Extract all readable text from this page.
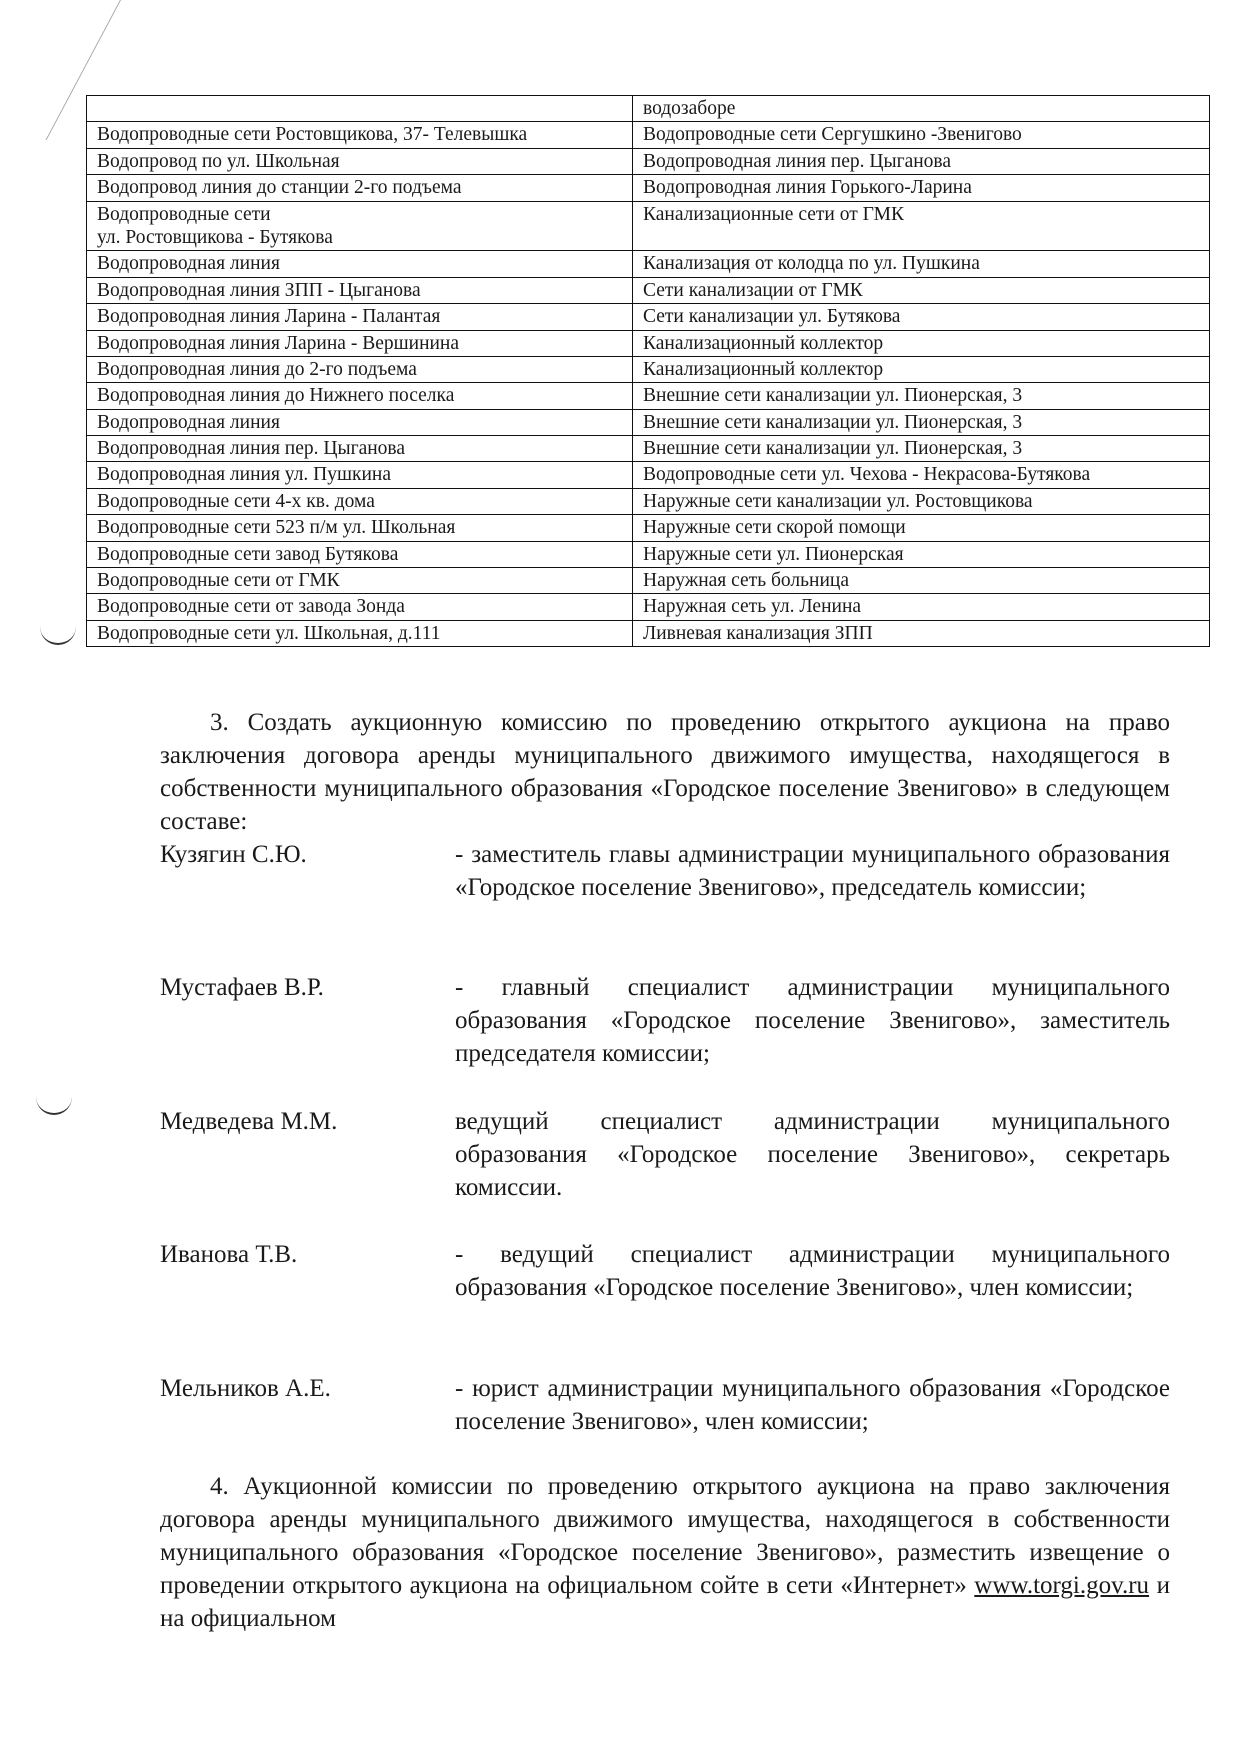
	водозаборе
Водопроводные сети Ростовщикова, 37- Телевышка	Водопроводные сети Сергушкино -Звенигово
Водопровод по ул. Школьная	Водопроводная линия пер. Цыганова
Водопровод линия до станции 2-го подъема	Водопроводная линия Горького-Ларина
Водопроводные сети
ул. Ростовщикова - Бутякова	Канализационные сети от ГМК
Водопроводная линия	Канализация от колодца по ул. Пушкина
Водопроводная линия ЗПП - Цыганова	Сети канализации от ГМК
Водопроводная линия Ларина - Палантая	Сети канализации ул. Бутякова
Водопроводная линия Ларина - Вершинина	Канализационный коллектор
Водопроводная линия до 2-го подъема	Канализационный коллектор
Водопроводная линия до Нижнего поселка	Внешние сети канализации ул. Пионерская, 3
Водопроводная линия	Внешние сети канализации ул. Пионерская, 3
Водопроводная линия пер. Цыганова	Внешние сети канализации ул. Пионерская, 3
Водопроводная линия ул. Пушкина	Водопроводные сети ул. Чехова - Некрасова-Бутякова
Водопроводные сети 4-х кв. дома	Наружные сети канализации ул. Ростовщикова
Водопроводные сети 523 п/м ул. Школьная	Наружные сети скорой помощи
Водопроводные сети завод Бутякова	Наружные сети ул. Пионерская
Водопроводные сети от ГМК	Наружная сеть больница
Водопроводные сети от завода Зонда	Наружная сеть ул. Ленина
Водопроводные сети ул. Школьная, д.111	Ливневая канализация ЗПП
3. Создать аукционную комиссию по проведению открытого аукциона на право заключения договора аренды муниципального движимого имущества, находящегося в собственности муниципального образования «Городское поселение Звенигово» в следующем составе:
Кузягин С.Ю.	- заместитель главы администрации муниципального образования «Городское поселение Звенигово», председатель комиссии;
Мустафаев В.Р.	- главный специалист администрации муниципального образования «Городское поселение Звенигово», заместитель председателя комиссии;
Медведева М.М.	ведущий специалист администрации муниципального образования «Городское поселение Звенигово», секретарь комиссии.
Иванова Т.В.	- ведущий специалист администрации муниципального образования «Городское поселение Звенигово», член комиссии;
Мельников А.Е.	- юрист администрации муниципального образования «Городское поселение Звенигово», член комиссии;
4. Аукционной комиссии по проведению открытого аукциона на право заключения договора аренды муниципального движимого имущества, находящегося в собственности муниципального образования «Городское поселение Звенигово», разместить извещение о проведении открытого аукциона на официальном сойте в сети «Интернет» www.torgi.gov.ru и на официальном
